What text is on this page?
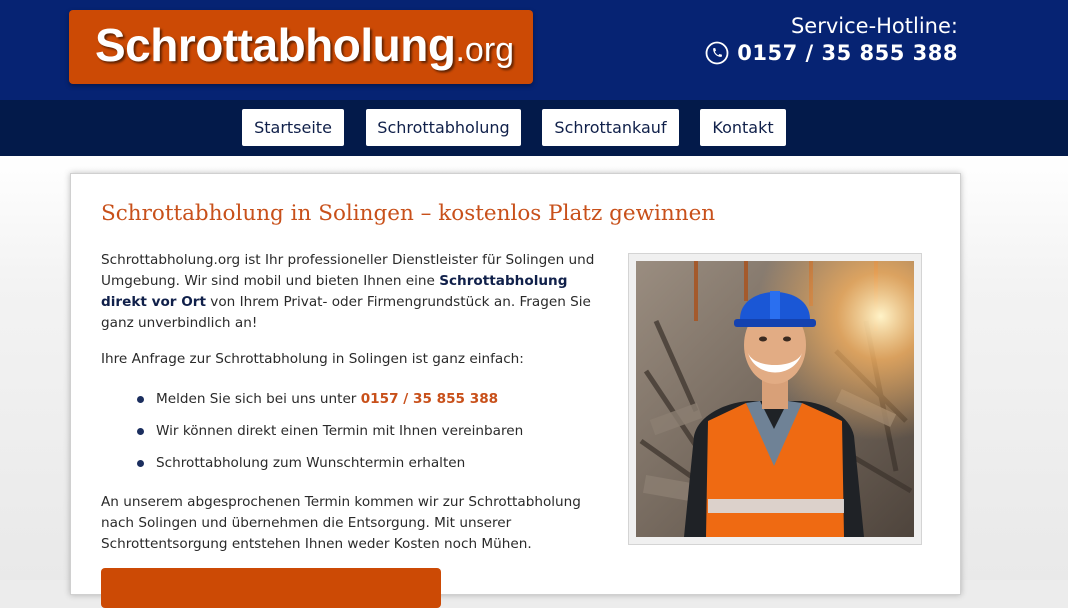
Schrottabholung.org
Service-Hotline:
0157 / 35 855 388
Startseite	Schrottabholung	Schrottankauf	Kontakt
Schrottabholung in Solingen – kostenlos Platz gewinnen

Schrottabholung.org ist Ihr professioneller Dienstleister für Solingen und Umgebung. Wir sind mobil und bieten Ihnen eine Schrottabholung direkt vor Ort von Ihrem Privat- oder Firmengrundstück an. Fragen Sie ganz unverbindlich an!

Ihre Anfrage zur Schrottabholung in Solingen ist ganz einfach:

Melden Sie sich bei uns unter 0157 / 35 855 388
Wir können direkt einen Termin mit Ihnen vereinbaren
Schrottabholung zum Wunschtermin erhalten

An unserem abgesprochenen Termin kommen wir zur Schrottabholung nach Solingen und übernehmen die Entsorgung. Mit unserer Schrottentsorgung entstehen Ihnen weder Kosten noch Mühen.
